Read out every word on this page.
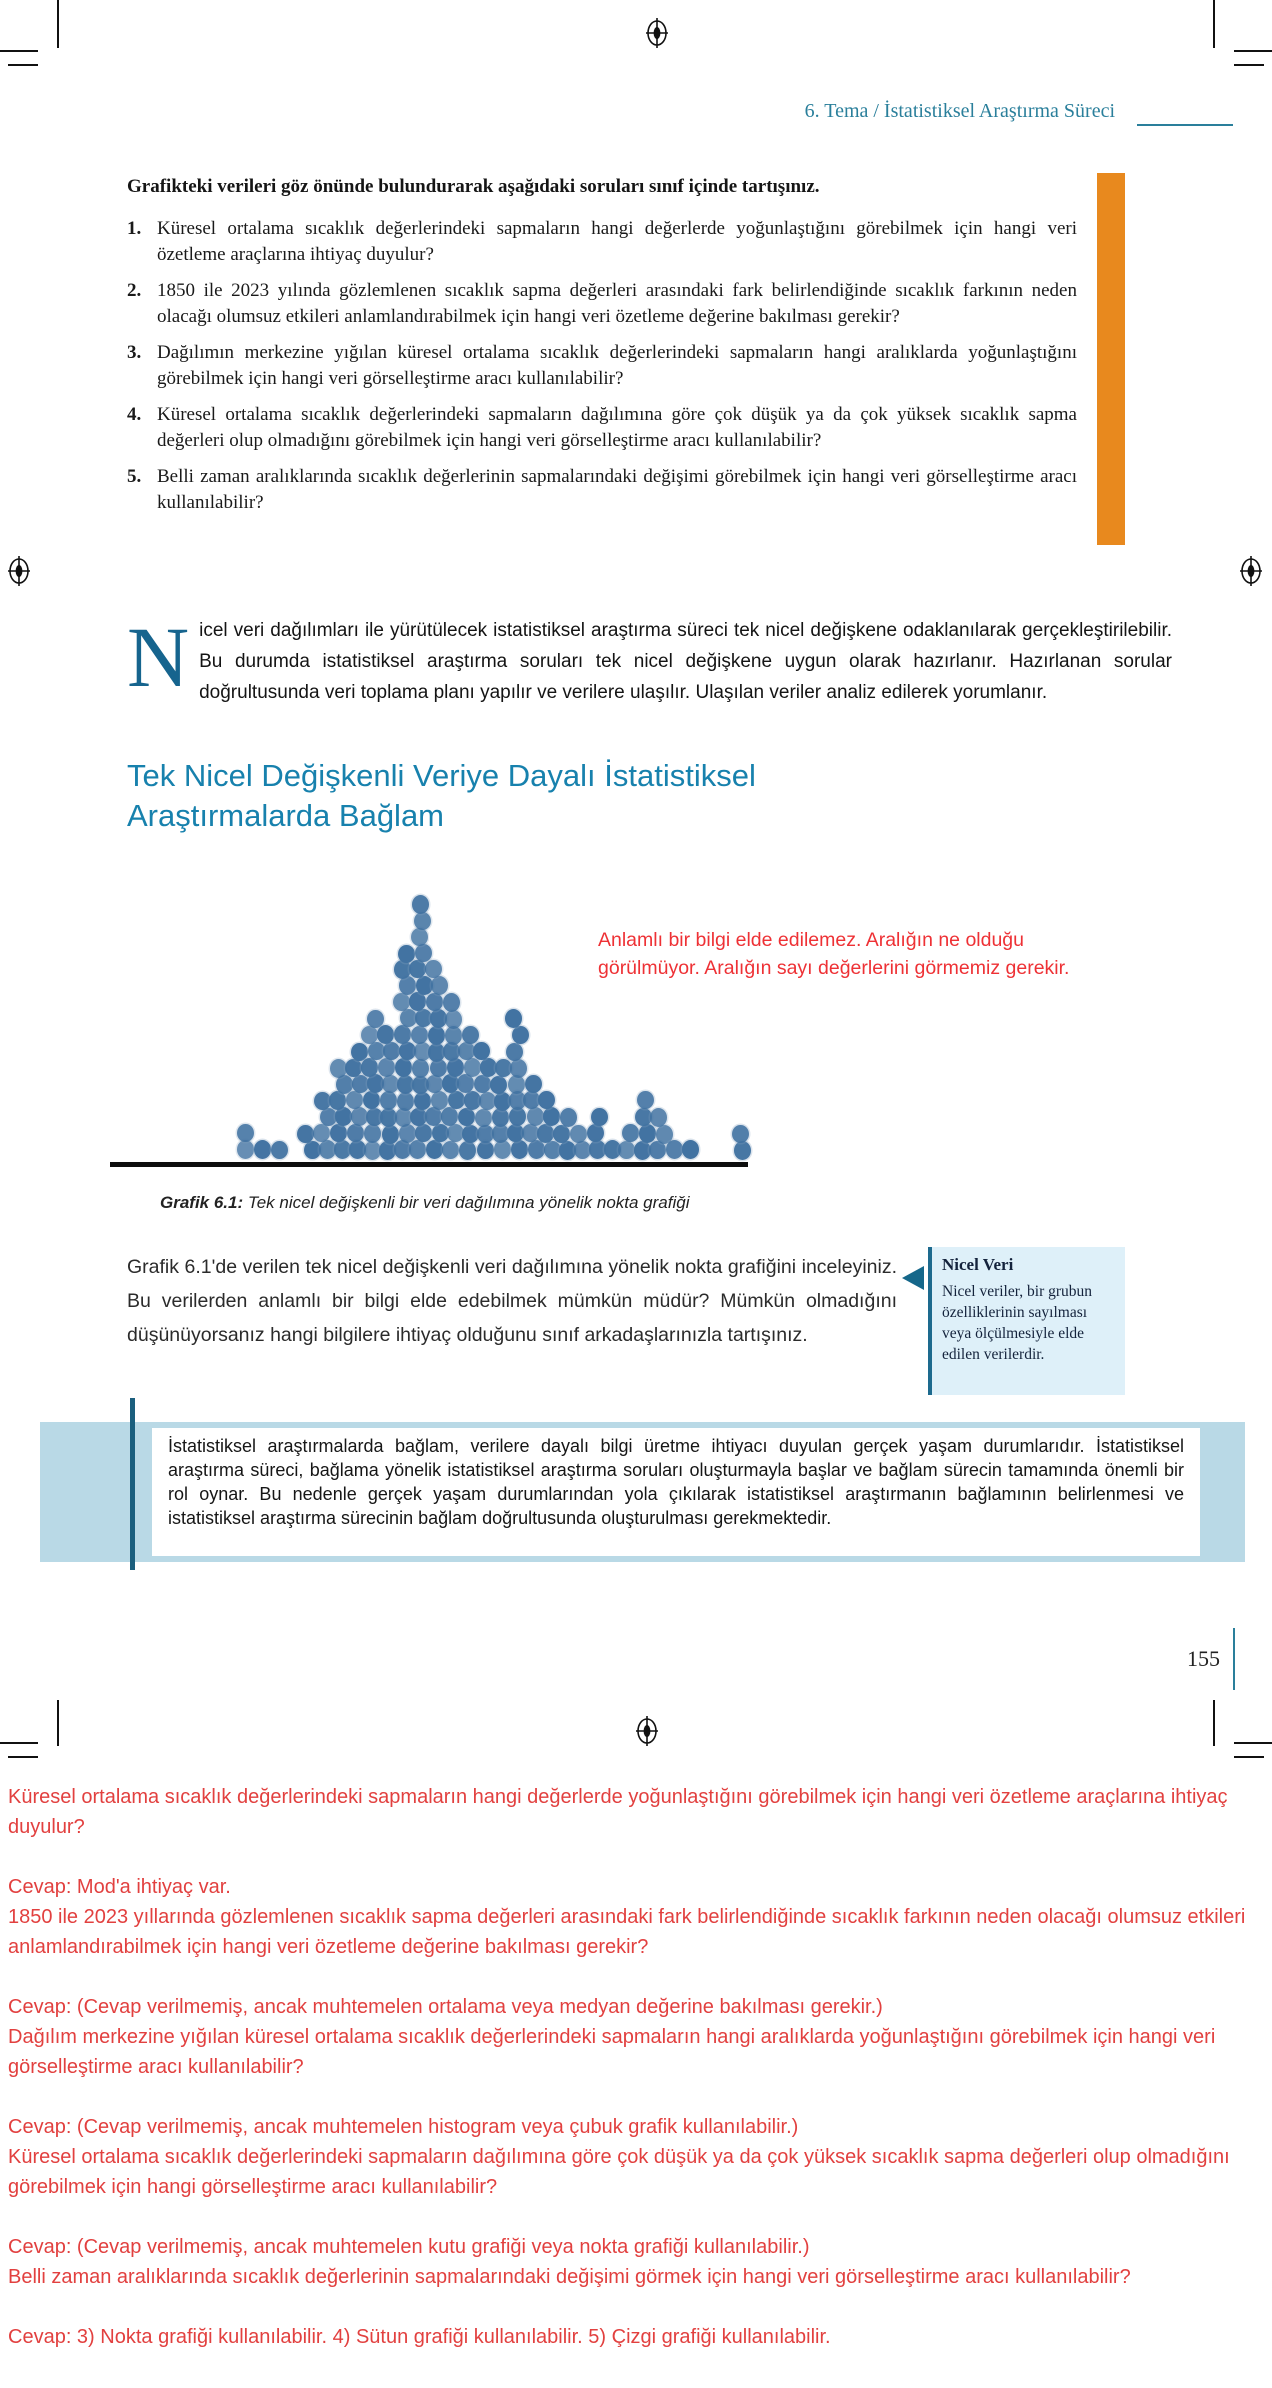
6. Tema / İstatistiksel Araştırma Süreci
Grafikteki verileri göz önünde bulundurarak aşağıdaki soruları sınıf içinde tartışınız.
1. Küresel ortalama sıcaklık değerlerindeki sapmaların hangi değerlerde yoğunlaştığını görebilmek için hangi veri özetleme araçlarına ihtiyaç duyulur?
2. 1850 ile 2023 yılında gözlemlenen sıcaklık sapma değerleri arasındaki fark belirlendiğinde sıcaklık farkının neden olacağı olumsuz etkileri anlamlandırabilmek için hangi veri özetleme değerine bakılması gerekir?
3. Dağılımın merkezine yığılan küresel ortalama sıcaklık değerlerindeki sapmaların hangi aralıklarda yoğunlaştığını görebilmek için hangi veri görselleştirme aracı kullanılabilir?
4. Küresel ortalama sıcaklık değerlerindeki sapmaların dağılımına göre çok düşük ya da çok yüksek sıcaklık sapma değerleri olup olmadığını görebilmek için hangi veri görselleştirme aracı kullanılabilir?
5. Belli zaman aralıklarında sıcaklık değerlerinin sapmalarındaki değişimi görebilmek için hangi veri görselleştirme aracı kullanılabilir?
Nicel veri dağılımları ile yürütülecek istatistiksel araştırma süreci tek nicel değişkene odaklanılarak gerçekleştirilebilir. Bu durumda istatistiksel araştırma soruları tek nicel değişkene uygun olarak hazırlanır. Hazırlanan sorular doğrultusunda veri toplama planı yapılır ve verilere ulaşılır. Ulaşılan veriler analiz edilerek yorumlanır.
Tek Nicel Değişkenli Veriye Dayalı İstatistiksel Araştırmalarda Bağlam
Anlamlı bir bilgi elde edilemez. Aralığın ne olduğu görülmüyor. Aralığın sayı değerlerini görmemiz gerekir.
Grafik 6.1: Tek nicel değişkenli bir veri dağılımına yönelik nokta grafiği
Grafik 6.1'de verilen tek nicel değişkenli veri dağılımına yönelik nokta grafiğini inceleyiniz. Bu verilerden anlamlı bir bilgi elde edebilmek mümkün müdür? Mümkün olmadığını düşünüyorsanız hangi bilgilere ihtiyaç olduğunu sınıf arkadaşlarınızla tartışınız.
Nicel Veri
Nicel veriler, bir grubun özelliklerinin sayılması veya ölçülmesiyle elde edilen verilerdir.
İstatistiksel araştırmalarda bağlam, verilere dayalı bilgi üretme ihtiyacı duyulan gerçek yaşam durumlarıdır. İstatistiksel araştırma süreci, bağlama yönelik istatistiksel araştırma soruları oluşturmayla başlar ve bağlam sürecin tamamında önemli bir rol oynar. Bu nedenle gerçek yaşam durumlarından yola çıkılarak istatistiksel araştırmanın bağlamının belirlenmesi ve istatistiksel araştırma sürecinin bağlam doğrultusunda oluşturulması gerekmektedir.
155
Küresel ortalama sıcaklık değerlerindeki sapmaların hangi değerlerde yoğunlaştığını görebilmek için hangi veri özetleme araçlarına ihtiyaç duyulur?
Cevap: Mod'a ihtiyaç var.
1850 ile 2023 yıllarında gözlemlenen sıcaklık sapma değerleri arasındaki fark belirlendiğinde sıcaklık farkının neden olacağı olumsuz etkileri anlamlandırabilmek için hangi veri özetleme değerine bakılması gerekir?
Cevap: (Cevap verilmemiş, ancak muhtemelen ortalama veya medyan değerine bakılması gerekir.)
Dağılım merkezine yığılan küresel ortalama sıcaklık değerlerindeki sapmaların hangi aralıklarda yoğunlaştığını görebilmek için hangi veri görselleştirme aracı kullanılabilir?
Cevap: (Cevap verilmemiş, ancak muhtemelen histogram veya çubuk grafik kullanılabilir.)
Küresel ortalama sıcaklık değerlerindeki sapmaların dağılımına göre çok düşük ya da çok yüksek sıcaklık sapma değerleri olup olmadığını görebilmek için hangi görselleştirme aracı kullanılabilir?
Cevap: (Cevap verilmemiş, ancak muhtemelen kutu grafiği veya nokta grafiği kullanılabilir.)
Belli zaman aralıklarında sıcaklık değerlerinin sapmalarındaki değişimi görmek için hangi veri görselleştirme aracı kullanılabilir?
Cevap: 3) Nokta grafiği kullanılabilir. 4) Sütun grafiği kullanılabilir. 5) Çizgi grafiği kullanılabilir.
